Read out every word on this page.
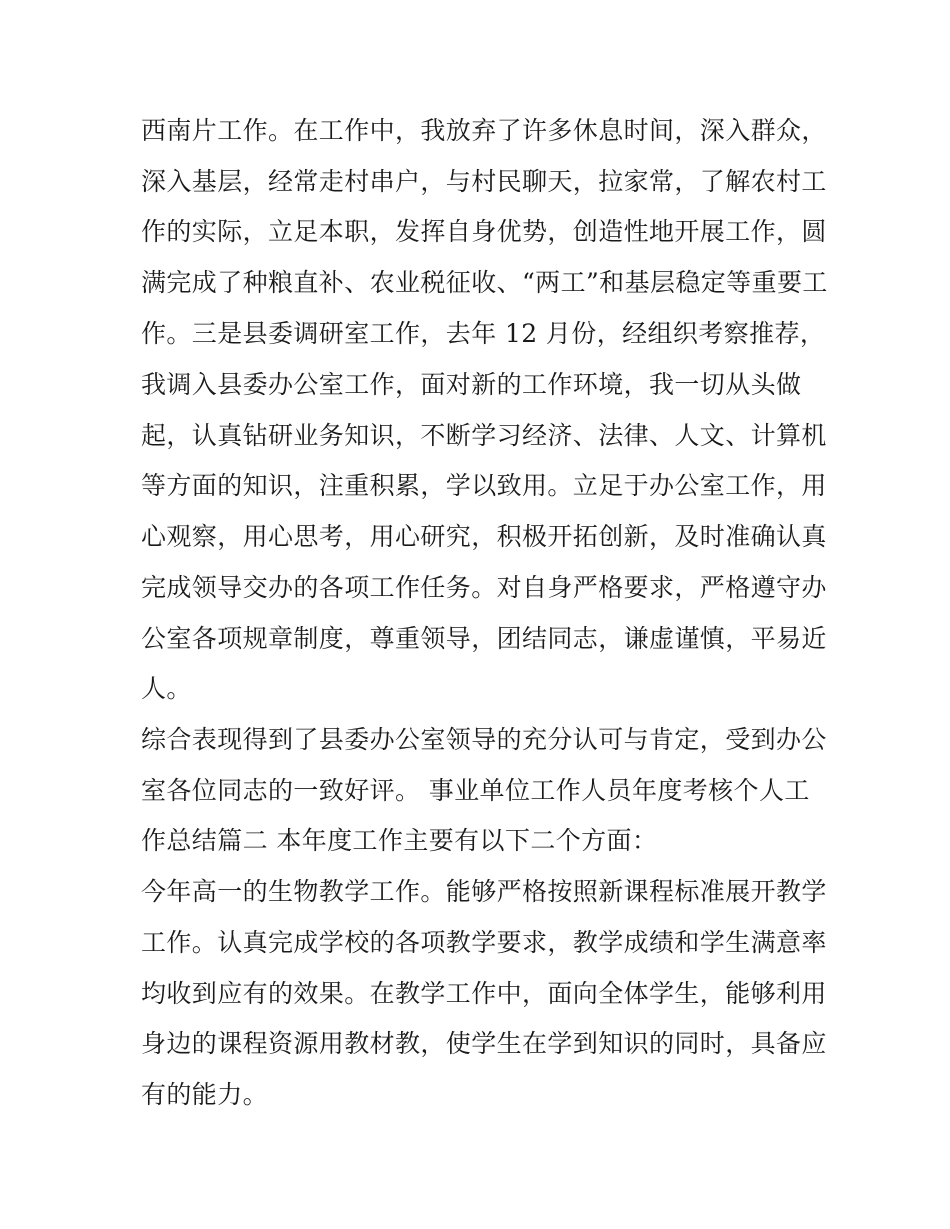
西南片工作。在工作中，我放弃了许多休息时间，深入群众，
深入基层，经常走村串户，与村民聊天，拉家常，了解农村工
作的实际，立足本职，发挥自身优势，创造性地开展工作，圆
满完成了种粮直补、农业税征收、“两工”和基层稳定等重要工
作。三是县委调研室工作，去年 12 月份，经组织考察推荐，
我调入县委办公室工作，面对新的工作环境，我一切从头做
起，认真钻研业务知识，不断学习经济、法律、人文、计算机
等方面的知识，注重积累，学以致用。立足于办公室工作，用
心观察，用心思考，用心研究，积极开拓创新，及时准确认真
完成领导交办的各项工作任务。对自身严格要求，严格遵守办
公室各项规章制度，尊重领导，团结同志，谦虚谨慎，平易近
人。
综合表现得到了县委办公室领导的充分认可与肯定，受到办公
室各位同志的一致好评。 事业单位工作人员年度考核个人工
作总结篇二 本年度工作主要有以下二个方面：
今年高一的生物教学工作。能够严格按照新课程标准展开教学
工作。认真完成学校的各项教学要求，教学成绩和学生满意率
均收到应有的效果。在教学工作中，面向全体学生，能够利用
身边的课程资源用教材教，使学生在学到知识的同时，具备应
有的能力。
